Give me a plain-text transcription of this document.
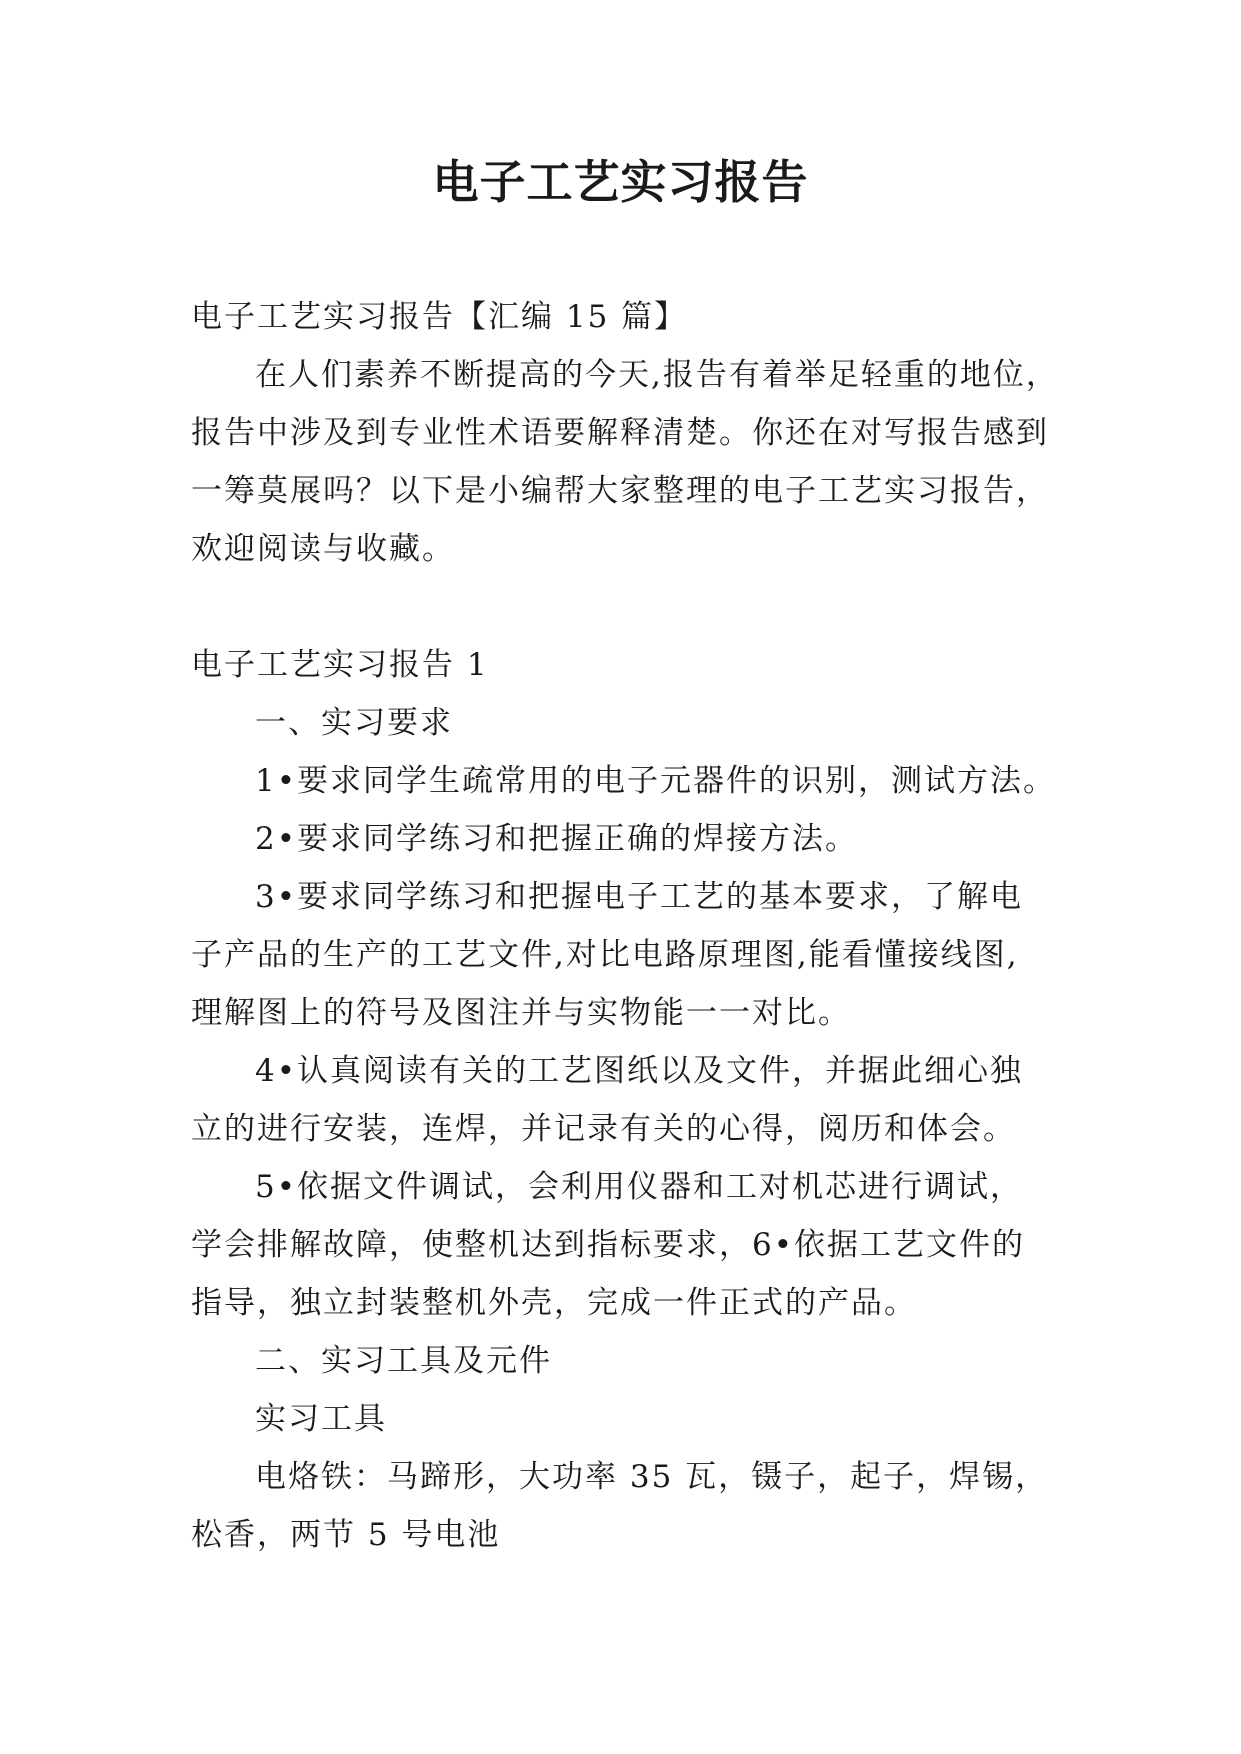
电子工艺实习报告
电子工艺实习报告【汇编 15 篇】
在人们素养不断提高的今天,报告有着举足轻重的地位，
报告中涉及到专业性术语要解释清楚。你还在对写报告感到
一筹莫展吗？以下是小编帮大家整理的电子工艺实习报告，
欢迎阅读与收藏。
电子工艺实习报告 1
一、实习要求
1•要求同学生疏常用的电子元器件的识别，测试方法。
2•要求同学练习和把握正确的焊接方法。
3•要求同学练习和把握电子工艺的基本要求，了解电
子产品的生产的工艺文件,对比电路原理图,能看懂接线图,
理解图上的符号及图注并与实物能一一对比。
4•认真阅读有关的工艺图纸以及文件，并据此细心独
立的进行安装，连焊，并记录有关的心得，阅历和体会。
5•依据文件调试，会利用仪器和工对机芯进行调试，
学会排解故障，使整机达到指标要求，6•依据工艺文件的
指导，独立封装整机外壳，完成一件正式的产品。
二、实习工具及元件
实习工具
电烙铁：马蹄形，大功率 35 瓦，镊子，起子，焊锡，
松香，两节 5 号电池
